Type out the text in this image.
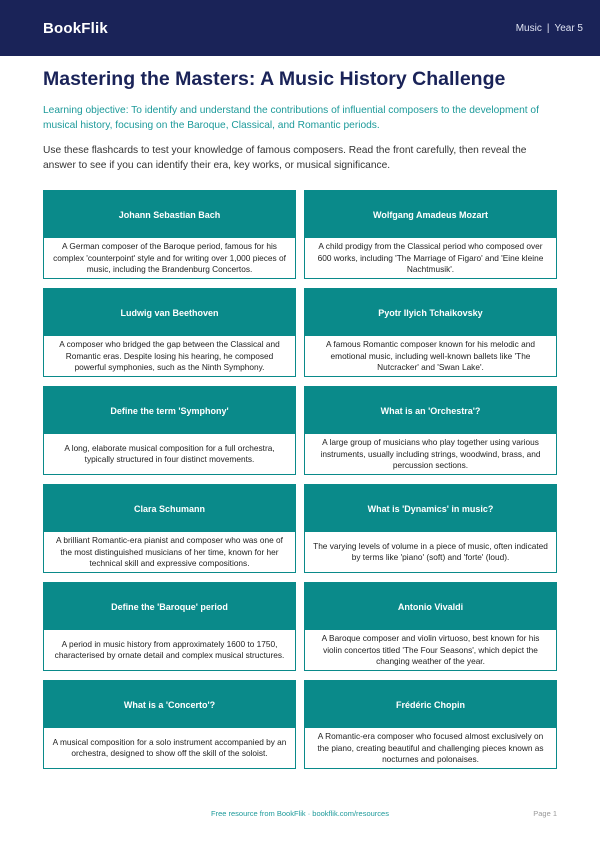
BookFlik	Music | Year 5
Mastering the Masters: A Music History Challenge

Learning objective: To identify and understand the contributions of influential composers to the development of musical history, focusing on the Baroque, Classical, and Romantic periods.

Use these flashcards to test your knowledge of famous composers. Read the front carefully, then reveal the answer to see if you can identify their era, key works, or musical significance.

Johann Sebastian Bach
A German composer of the Baroque period, famous for his complex 'counterpoint' style and for writing over 1,000 pieces of music, including the Brandenburg Concertos.
Wolfgang Amadeus Mozart
A child prodigy from the Classical period who composed over 600 works, including 'The Marriage of Figaro' and 'Eine kleine Nachtmusik'.
Ludwig van Beethoven
A composer who bridged the gap between the Classical and Romantic eras. Despite losing his hearing, he composed powerful symphonies, such as the Ninth Symphony.
Pyotr Ilyich Tchaikovsky
A famous Romantic composer known for his melodic and emotional music, including well-known ballets like 'The Nutcracker' and 'Swan Lake'.
Define the term 'Symphony'
A long, elaborate musical composition for a full orchestra, typically structured in four distinct movements.
What is an 'Orchestra'?
A large group of musicians who play together using various instruments, usually including strings, woodwind, brass, and percussion sections.
Clara Schumann
A brilliant Romantic-era pianist and composer who was one of the most distinguished musicians of her time, known for her technical skill and expressive compositions.
What is 'Dynamics' in music?
The varying levels of volume in a piece of music, often indicated by terms like 'piano' (soft) and 'forte' (loud).
Define the 'Baroque' period
A period in music history from approximately 1600 to 1750, characterised by ornate detail and complex musical structures.
Antonio Vivaldi
A Baroque composer and violin virtuoso, best known for his violin concertos titled 'The Four Seasons', which depict the changing weather of the year.
What is a 'Concerto'?
A musical composition for a solo instrument accompanied by an orchestra, designed to show off the skill of the soloist.
Frédéric Chopin
A Romantic-era composer who focused almost exclusively on the piano, creating beautiful and challenging pieces known as nocturnes and polonaises.
Free resource from BookFlik · bookflik.com/resources	Page 1
